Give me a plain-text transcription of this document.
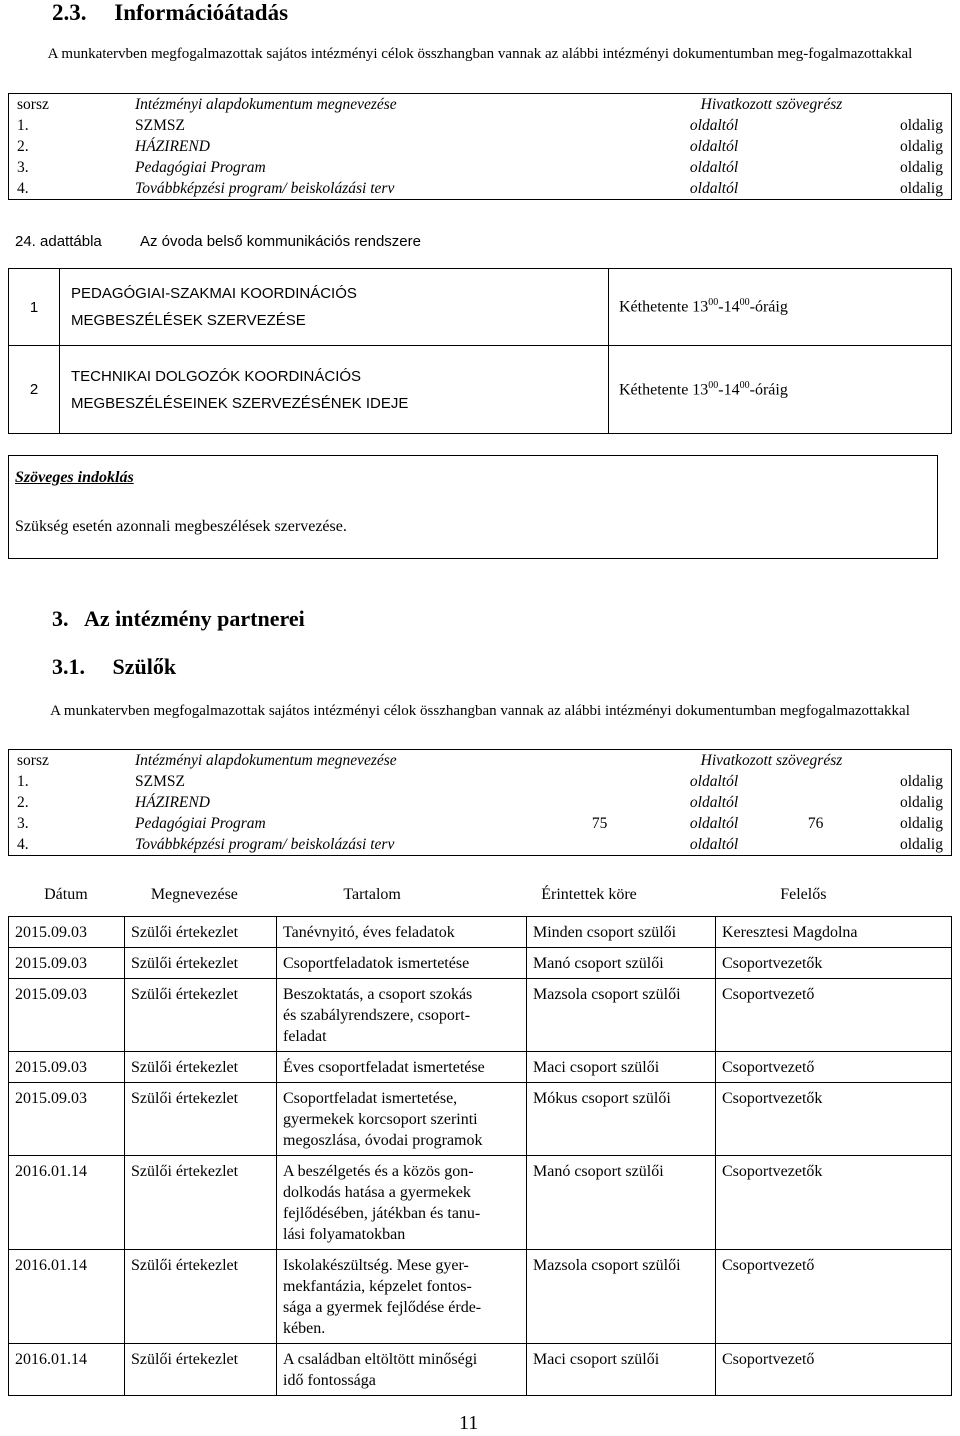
2.3. Információátadás
A munkatervben megfogalmazottak sajátos intézményi célok összhangban vannak az alábbi intézményi dokumentumban meg-fogalmazottakkal
sorsz	Intézményi alapdokumentum megnevezése	Hivatkozott szövegrész			
1.	SZMSZ		oldaltól		oldalig
2.	HÁZIREND		oldaltól		oldalig
3.	Pedagógiai Program		oldaltól		oldalig
4.	Továbbképzési program/ beiskolázási terv		oldaltól		oldalig
24. adattábla	Az óvoda belső kommunikációs rendszere
1	PEDAGÓGIAI-SZAKMAI KOORDINÁCIÓS
MEGBESZÉLÉSEK SZERVEZÉSE	Kéthetente $13^{00}-14^{00}$-óráig
2	TECHNIKAI DOLGOZÓK KOORDINÁCIÓS
MEGBESZÉLÉSEINEK SZERVEZÉSÉNEK IDEJE	Kéthetente $13^{00}-14^{00}$-óráig
Szöveges indoklás
Szükség esetén azonnali megbeszélések szervezése.
3. Az intézmény partnerei
3.1. Szülők
A munkatervben megfogalmazottak sajátos intézményi célok összhangban vannak az alábbi intézményi dokumentumban megfogalmazottakkal
sorsz	Intézményi alapdokumentum megnevezése	Hivatkozott szövegrész			
1.	SZMSZ		oldaltól		oldalig
2.	HÁZIREND		oldaltól		oldalig
3.	Pedagógiai Program	75	oldaltól	76	oldalig
4.	Továbbképzési program/ beiskolázási terv		oldaltól		oldalig
Dátum	Megnevezése	Tartalom	Érintettek köre	Felelős
2015.09.03	Szülői értekezlet	Tanévnyitó, éves feladatok	Minden csoport szülői	Keresztesi Magdolna
2015.09.03	Szülői értekezlet	Csoportfeladatok ismertetése	Manó csoport szülői	Csoportvezetők
2015.09.03	Szülői értekezlet	Beszoktatás, a csoport szokás
és szabályrendszere, csoport-
feladat	Mazsola csoport szülői	Csoportvezető
2015.09.03	Szülői értekezlet	Éves csoportfeladat ismertetése	Maci csoport szülői	Csoportvezető
2015.09.03	Szülői értekezlet	Csoportfeladat ismertetése,
gyermekek korcsoport szerinti
megoszlása, óvodai programok	Mókus csoport szülői	Csoportvezetők
2016.01.14	Szülői értekezlet	A beszélgetés és a közös gon-
dolkodás hatása a gyermekek
fejlődésében, játékban és tanu-
lási folyamatokban	Manó csoport szülői	Csoportvezetők
2016.01.14	Szülői értekezlet	Iskolakészültség. Mese gyer-
mekfantázia, képzelet fontos-
sága a gyermek fejlődése érde-
kében.	Mazsola csoport szülői	Csoportvezető
2016.01.14	Szülői értekezlet	A családban eltöltött minőségi
idő fontossága	Maci csoport szülői	Csoportvezető
11
